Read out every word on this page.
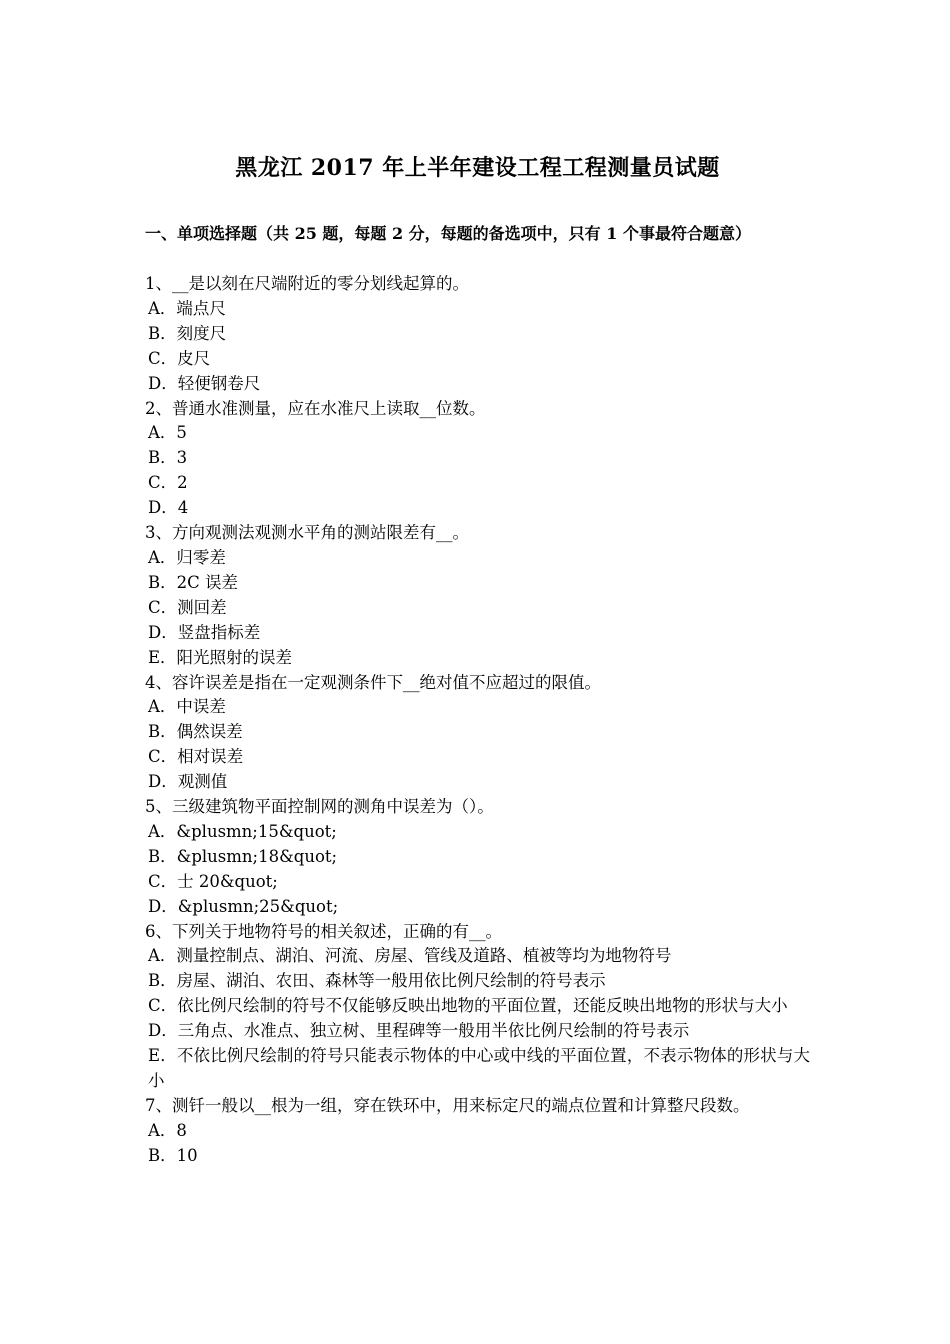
黑龙江 2017 年上半年建设工程工程测量员试题
一、单项选择题（共 25 题，每题 2 分，每题的备选项中，只有 1 个事最符合题意）

1、__是以刻在尺端附近的零分划线起算的。

A．端点尺

B．刻度尺

C．皮尺

D．轻便钢卷尺

2、普通水准测量，应在水准尺上读取__位数。

A．5

B．3

C．2

D．4

3、方向观测法观测水平角的测站限差有__。

A．归零差

B．2C 误差

C．测回差

D．竖盘指标差

E．阳光照射的误差

4、容许误差是指在一定观测条件下__绝对值不应超过的限值。

A．中误差

B．偶然误差

C．相对误差

D．观测值

5、三级建筑物平面控制网的测角中误差为（）。

A．&plusmn;15&quot;

B．&plusmn;18&quot;

C．士 20&quot;

D．&plusmn;25&quot;

6、下列关于地物符号的相关叙述，正确的有__。

A．测量控制点、湖泊、河流、房屋、管线及道路、植被等均为地物符号

B．房屋、湖泊、农田、森林等一般用依比例尺绘制的符号表示

C．依比例尺绘制的符号不仅能够反映出地物的平面位置，还能反映出地物的形状与大小

D．三角点、水准点、独立树、里程碑等一般用半依比例尺绘制的符号表示

E．不依比例尺绘制的符号只能表示物体的中心或中线的平面位置，不表示物体的形状与大小

7、测钎一般以__根为一组，穿在铁环中，用来标定尺的端点位置和计算整尺段数。

A．8

B．10
